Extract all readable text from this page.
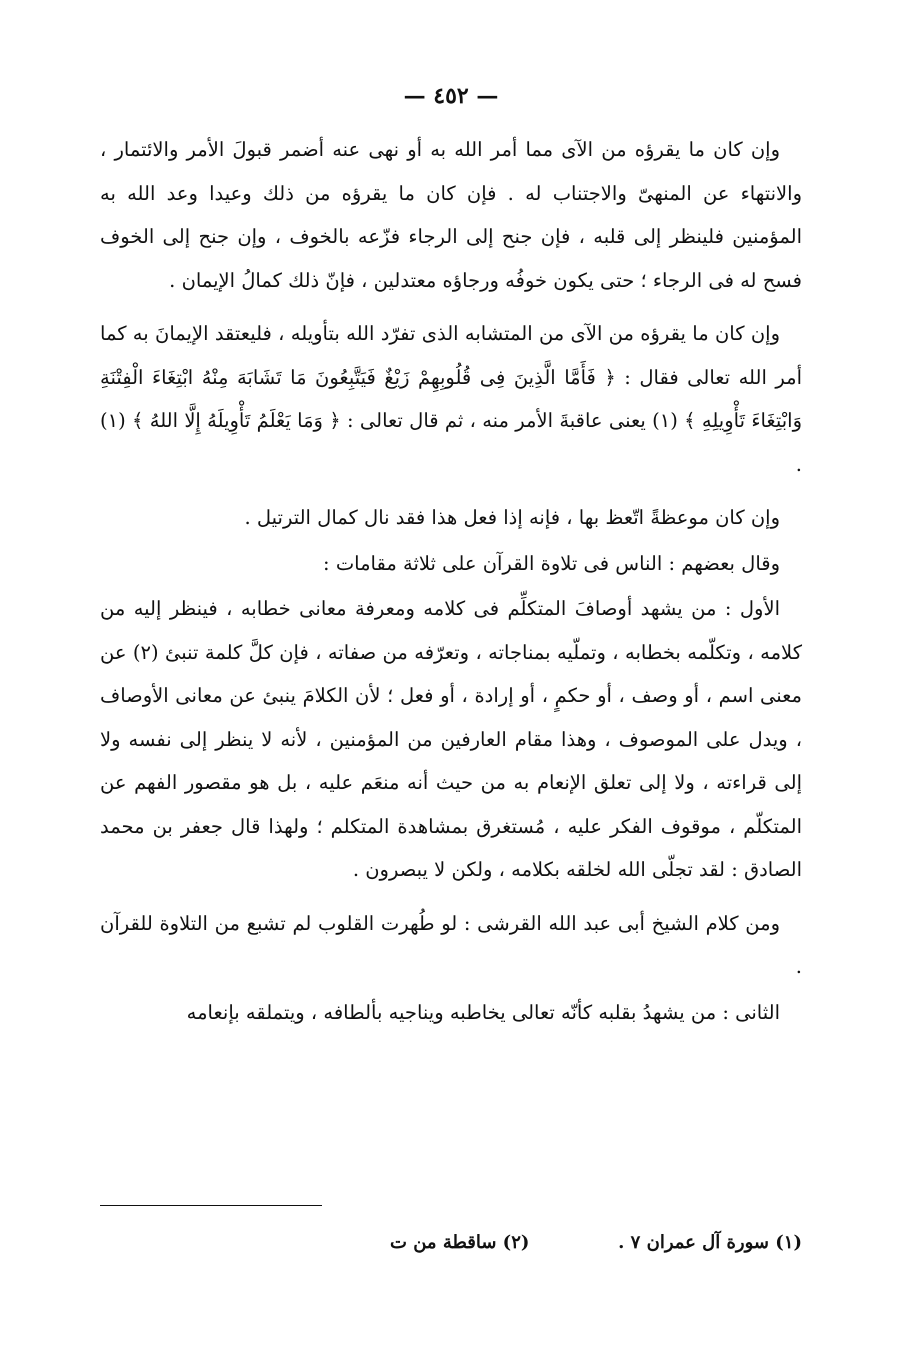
— ٤٥٢ —

وإن كان ما يقرؤه من الآى مما أمر الله به أو نهى عنه أضمر قبولَ الأمر والائتمار ، والانتهاء عن المنهىّ والاجتناب له . فإن كان ما يقرؤه من ذلك وعيدا وعد الله به المؤمنين فلينظر إلى قلبه ، فإن جنح إلى الرجاء فزّعه بالخوف ، وإن جنح إلى الخوف فسح له فى الرجاء ؛ حتى يكون خوفُه ورجاؤه معتدلين ، فإنّ ذلك كمالُ الإيمان .

وإن كان ما يقرؤه من الآى من المتشابه الذى تفرّد الله بتأويله ، فليعتقد الإيمانَ به كما أمر الله تعالى فقال : ﴿ فَأَمَّا الَّذِينَ فِى قُلُوبِهِمْ زَيْغٌ فَيَتَّبِعُونَ مَا تَشَابَهَ مِنْهُ ابْتِغَاءَ الْفِتْنَةِ وَابْتِغَاءَ تَأْوِيلِهِ ﴾ (١) يعنى عاقبةَ الأمر منه ، ثم قال تعالى : ﴿ وَمَا يَعْلَمُ تَأْوِيلَهُ إِلَّا اللهُ ﴾ (١) .

وإن كان موعظةً اتّعظ بها ، فإنه إذا فعل هذا فقد نال كمال الترتيل .

وقال بعضهم : الناس فى تلاوة القرآن على ثلاثة مقامات :

الأول : من يشهد أوصافَ المتكلِّم فى كلامه ومعرفة معانى خطابه ، فينظر إليه من كلامه ، وتكلّمه بخطابه ، وتملّيه بمناجاته ، وتعرّفه من صفاته ، فإن كلَّ كلمة تنبئ (٢) عن معنى اسم ، أو وصف ، أو حكمٍ ، أو إرادة ، أو فعل ؛ لأن الكلامَ ينبئ عن معانى الأوصاف ، ويدل على الموصوف ، وهذا مقام العارفين من المؤمنين ، لأنه لا ينظر إلى نفسه ولا إلى قراءته ، ولا إلى تعلق الإنعام به من حيث أنه منعَم عليه ، بل هو مقصور الفهم عن المتكلّم ، موقوف الفكر عليه ، مُستغرق بمشاهدة المتكلم ؛ ولهذا قال جعفر بن محمد الصادق : لقد تجلّى الله لخلقه بكلامه ، ولكن لا يبصرون .

ومن كلام الشيخ أبى عبد الله القرشى : لو طُهرت القلوب لم تشبع من التلاوة للقرآن .

الثانى : من يشهدُ بقلبه كأنّه تعالى يخاطبه ويناجيه بألطافه ، ويتملقه بإنعامه

(١) سورة آل عمران ٧ .
(٢) ساقطة من ت
